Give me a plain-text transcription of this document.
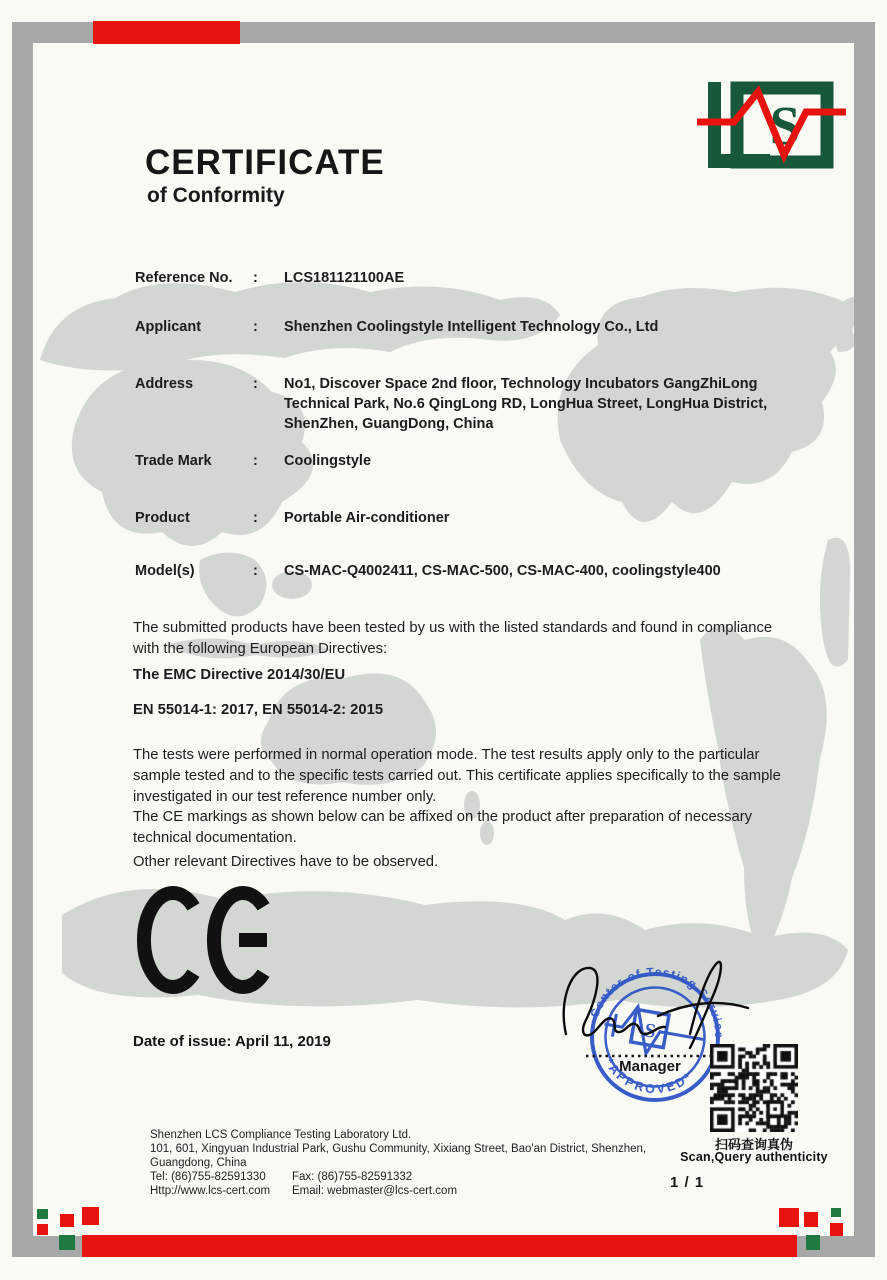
S
CERTIFICATE
of Conformity
Reference No.	:	LCS181121100AE
Applicant	:	Shenzhen Coolingstyle Intelligent Technology Co., Ltd
Address	:	No1, Discover Space 2nd floor, Technology Incubators GangZhiLong Technical Park, No.6 QingLong RD, LongHua Street, LongHua District, ShenZhen, GuangDong, China
Trade Mark	:	Coolingstyle
Product	:	Portable Air-conditioner
Model(s)	:	CS-MAC-Q4002411, CS-MAC-500, CS-MAC-400, coolingstyle400
The submitted products have been tested by us with the listed standards and found in compliance with the following European Directives:
The EMC Directive 2014/30/EU
EN 55014-1: 2017, EN 55014-2: 2015
The tests were performed in normal operation mode. The test results apply only to the particular sample tested and to the specific tests carried out. This certificate applies specifically to the sample investigated in our test reference number only.
The CE markings as shown below can be affixed on the product after preparation of necessary technical documentation.
Other relevant Directives have to be observed.
Date of issue: April 11, 2019
Center of Testing Service
*APPROVED*
S
Manager
扫码查询真伪
Scan,Query authenticity
Shenzhen LCS Compliance Testing Laboratory Ltd.
101, 601, Xingyuan Industrial Park, Gushu Community, Xixiang Street, Bao'an District, Shenzhen,
Guangdong, China
Tel: (86)755-82591330 Fax: (86)755-82591332
Http://www.lcs-cert.com Email: webmaster@lcs-cert.com	1 / 1
